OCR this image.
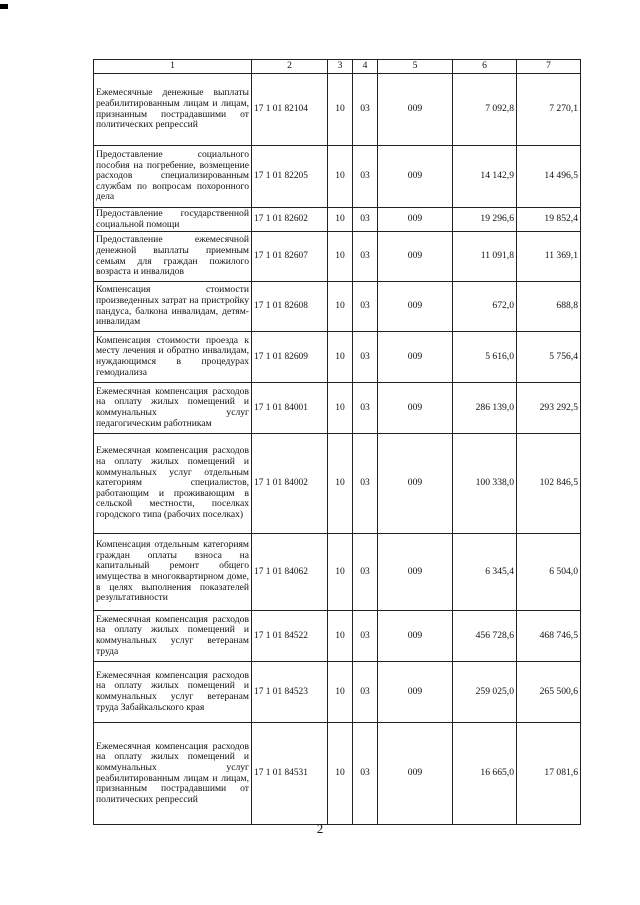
1	2	3	4	5	6	7
Ежемесячные денежные выплаты реабилитированным лицам и лицам, признанным пострадавшими от политических репрессий	17 1 01 82104	10	03	009	7 092,8	7 270,1
Предоставление социального пособия на погребение, возмещение расходов специализированным службам по вопросам похоронного дела	17 1 01 82205	10	03	009	14 142,9	14 496,5
Предоставление государственной социальной помощи	17 1 01 82602	10	03	009	19 296,6	19 852,4
Предоставление ежемесячной денежной выплаты приемным семьям для граждан пожилого возраста и инвалидов	17 1 01 82607	10	03	009	11 091,8	11 369,1
Компенсация стоимости произведенных затрат на пристройку пандуса, балкона инвалидам, детям-инвалидам	17 1 01 82608	10	03	009	672,0	688,8
Компенсация стоимости проезда к месту лечения и обратно инвалидам, нуждающимся в процедурах гемодиализа	17 1 01 82609	10	03	009	5 616,0	5 756,4
Ежемесячная компенсация расходов на оплату жилых помещений и коммунальных услуг педагогическим работникам	17 1 01 84001	10	03	009	286 139,0	293 292,5
Ежемесячная компенсация расходов на оплату жилых помещений и коммунальных услуг отдельным категориям специалистов, работающим и проживающим в сельской местности, поселках городского типа (рабочих поселках)	17 1 01 84002	10	03	009	100 338,0	102 846,5
Компенсация отдельным категориям граждан оплаты взноса на капитальный ремонт общего имущества в многоквартирном доме, в целях выполнения показателей результативности	17 1 01 84062	10	03	009	6 345,4	6 504,0
Ежемесячная компенсация расходов на оплату жилых помещений и коммунальных услуг ветеранам труда	17 1 01 84522	10	03	009	456 728,6	468 746,5
Ежемесячная компенсация расходов на оплату жилых помещений и коммунальных услуг ветеранам труда Забайкальского края	17 1 01 84523	10	03	009	259 025,0	265 500,6
Ежемесячная компенсация расходов на оплату жилых помещений и коммунальных услуг реабилитированным лицам и лицам, признанным пострадавшими от политических репрессий	17 1 01 84531	10	03	009	16 665,0	17 081,6
2
